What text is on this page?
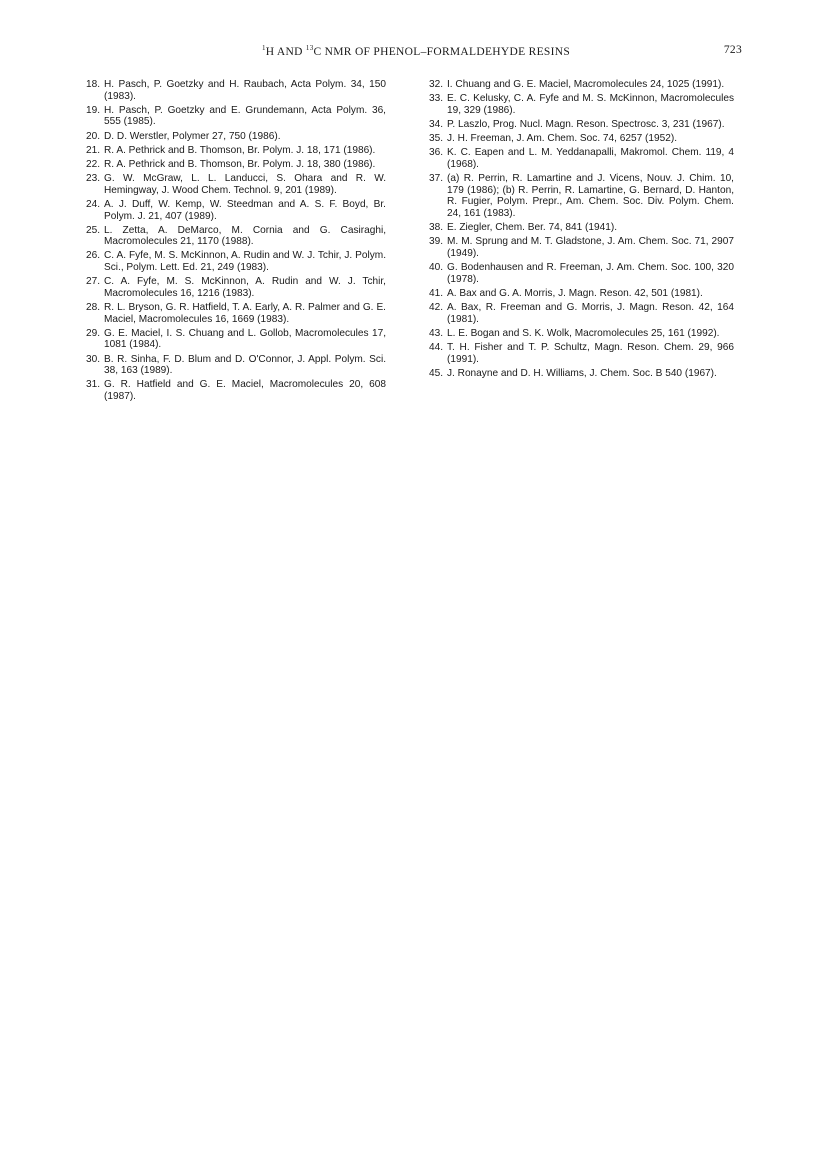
$^1$H AND $^{13}$C NMR OF PHENOL–FORMALDEHYDE RESINS	723
18. H. Pasch, P. Goetzky and H. Raubach, Acta Polym. 34, 150 (1983).
19. H. Pasch, P. Goetzky and E. Grundemann, Acta Polym. 36, 555 (1985).
20. D. D. Werstler, Polymer 27, 750 (1986).
21. R. A. Pethrick and B. Thomson, Br. Polym. J. 18, 171 (1986).
22. R. A. Pethrick and B. Thomson, Br. Polym. J. 18, 380 (1986).
23. G. W. McGraw, L. L. Landucci, S. Ohara and R. W. Hemingway, J. Wood Chem. Technol. 9, 201 (1989).
24. A. J. Duff, W. Kemp, W. Steedman and A. S. F. Boyd, Br. Polym. J. 21, 407 (1989).
25. L. Zetta, A. DeMarco, M. Cornia and G. Casiraghi, Macromolecules 21, 1170 (1988).
26. C. A. Fyfe, M. S. McKinnon, A. Rudin and W. J. Tchir, J. Polym. Sci., Polym. Lett. Ed. 21, 249 (1983).
27. C. A. Fyfe, M. S. McKinnon, A. Rudin and W. J. Tchir, Macromolecules 16, 1216 (1983).
28. R. L. Bryson, G. R. Hatfield, T. A. Early, A. R. Palmer and G. E. Maciel, Macromolecules 16, 1669 (1983).
29. G. E. Maciel, I. S. Chuang and L. Gollob, Macromolecules 17, 1081 (1984).
30. B. R. Sinha, F. D. Blum and D. O'Connor, J. Appl. Polym. Sci. 38, 163 (1989).
31. G. R. Hatfield and G. E. Maciel, Macromolecules 20, 608 (1987).
32. I. Chuang and G. E. Maciel, Macromolecules 24, 1025 (1991).
33. E. C. Kelusky, C. A. Fyfe and M. S. McKinnon, Macromolecules 19, 329 (1986).
34. P. Laszlo, Prog. Nucl. Magn. Reson. Spectrosc. 3, 231 (1967).
35. J. H. Freeman, J. Am. Chem. Soc. 74, 6257 (1952).
36. K. C. Eapen and L. M. Yeddanapalli, Makromol. Chem. 119, 4 (1968).
37. (a) R. Perrin, R. Lamartine and J. Vicens, Nouv. J. Chim. 10, 179 (1986); (b) R. Perrin, R. Lamartine, G. Bernard, D. Hanton, R. Fugier, Polym. Prepr., Am. Chem. Soc. Div. Polym. Chem. 24, 161 (1983).
38. E. Ziegler, Chem. Ber. 74, 841 (1941).
39. M. M. Sprung and M. T. Gladstone, J. Am. Chem. Soc. 71, 2907 (1949).
40. G. Bodenhausen and R. Freeman, J. Am. Chem. Soc. 100, 320 (1978).
41. A. Bax and G. A. Morris, J. Magn. Reson. 42, 501 (1981).
42. A. Bax, R. Freeman and G. Morris, J. Magn. Reson. 42, 164 (1981).
43. L. E. Bogan and S. K. Wolk, Macromolecules 25, 161 (1992).
44. T. H. Fisher and T. P. Schultz, Magn. Reson. Chem. 29, 966 (1991).
45. J. Ronayne and D. H. Williams, J. Chem. Soc. B 540 (1967).
